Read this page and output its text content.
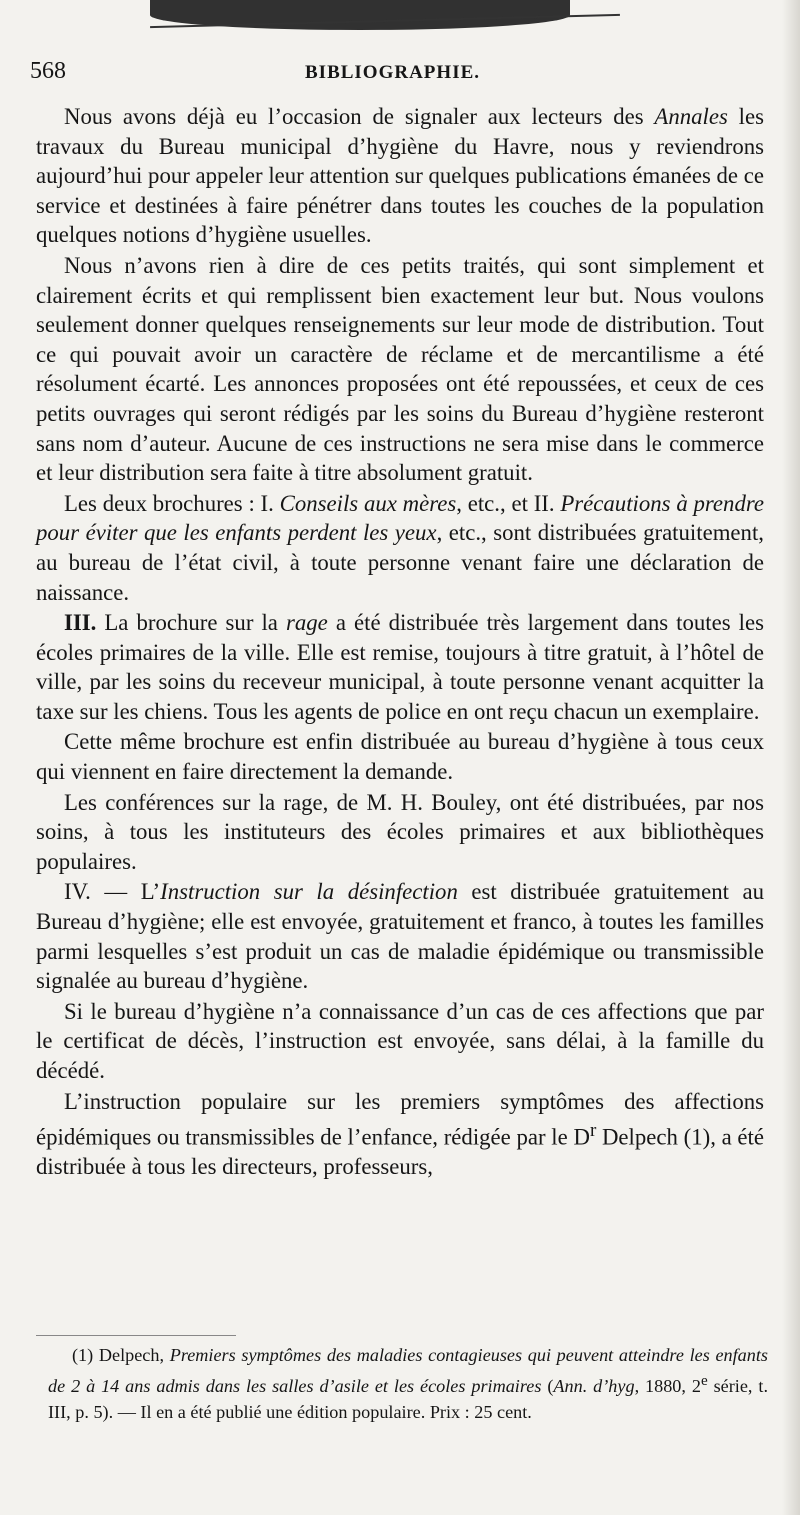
568	BIBLIOGRAPHIE.

Nous avons déjà eu l’occasion de signaler aux lecteurs des Annales les travaux du Bureau municipal d’hygiène du Havre, nous y reviendrons aujourd’hui pour appeler leur attention sur quelques publications émanées de ce service et destinées à faire pénétrer dans toutes les couches de la population quelques notions d’hygiène usuelles.

Nous n’avons rien à dire de ces petits traités, qui sont simplement et clairement écrits et qui remplissent bien exactement leur but. Nous voulons seulement donner quelques renseignements sur leur mode de distribution. Tout ce qui pouvait avoir un caractère de réclame et de mercantilisme a été résolument écarté. Les annonces proposées ont été repoussées, et ceux de ces petits ouvrages qui seront rédigés par les soins du Bureau d’hygiène resteront sans nom d’auteur. Aucune de ces instructions ne sera mise dans le commerce et leur distribution sera faite à titre absolument gratuit.

Les deux brochures : I. Conseils aux mères, etc., et II. Précautions à prendre pour éviter que les enfants perdent les yeux, etc., sont distribuées gratuitement, au bureau de l’état civil, à toute personne venant faire une déclaration de naissance.

III. La brochure sur la rage a été distribuée très largement dans toutes les écoles primaires de la ville. Elle est remise, toujours à titre gratuit, à l’hôtel de ville, par les soins du receveur municipal, à toute personne venant acquitter la taxe sur les chiens. Tous les agents de police en ont reçu chacun un exemplaire.

Cette même brochure est enfin distribuée au bureau d’hygiène à tous ceux qui viennent en faire directement la demande.

Les conférences sur la rage, de M. H. Bouley, ont été distribuées, par nos soins, à tous les instituteurs des écoles primaires et aux bibliothèques populaires.

IV. — L’Instruction sur la désinfection est distribuée gratuitement au Bureau d’hygiène; elle est envoyée, gratuitement et franco, à toutes les familles parmi lesquelles s’est produit un cas de maladie épidémique ou transmissible signalée au bureau d’hygiène.

Si le bureau d’hygiène n’a connaissance d’un cas de ces affections que par le certificat de décès, l’instruction est envoyée, sans délai, à la famille du décédé.

L’instruction populaire sur les premiers symptômes des affections épidémiques ou transmissibles de l’enfance, rédigée par le $D^r$ Delpech (1), a été distribuée à tous les directeurs, professeurs,

(1) Delpech, Premiers symptômes des maladies contagieuses qui peuvent atteindre les enfants de 2 à 14 ans admis dans les salles d’asile et les écoles primaires (Ann. d’hyg, 1880, 2e série, t. III, p. 5). — Il en a été publié une édition populaire. Prix : 25 cent.
